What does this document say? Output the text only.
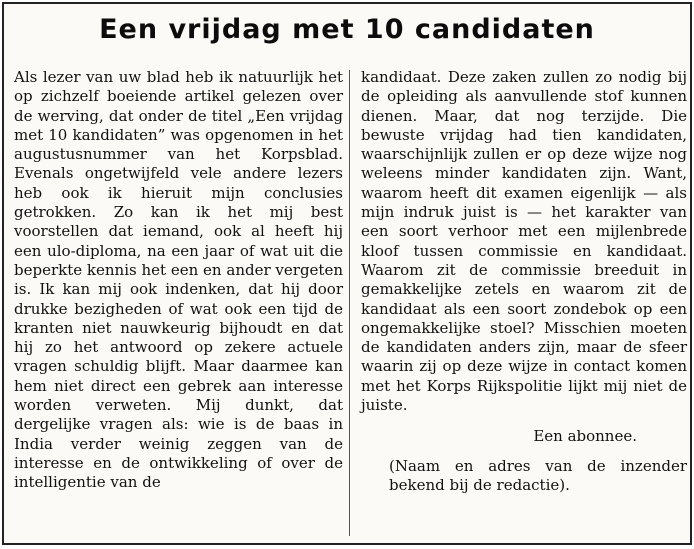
Een vrijdag met 10 candidaten
Als lezer van uw blad heb ik natuurlijk het op zichzelf boeiende artikel gelezen over de werving, dat onder de titel „Een vrijdag met 10 kandidaten” was opgenomen in het augustusnummer van het Korpsblad. Evenals ongetwijfeld vele andere lezers heb ook ik hieruit mijn conclusies getrokken. Zo kan ik het mij best voorstellen dat iemand, ook al heeft hij een ulo-diploma, na een jaar of wat uit die beperkte kennis het een en ander vergeten is. Ik kan mij ook indenken, dat hij door drukke bezigheden of wat ook een tijd de kranten niet nauwkeurig bijhoudt en dat hij zo het antwoord op zekere actuele vragen schuldig blijft. Maar daarmee kan hem niet direct een gebrek aan interesse worden verweten. Mij dunkt, dat dergelijke vragen als: wie is de baas in India verder weinig zeggen van de interesse en de ontwikkeling of over de intelligentie van de
kandidaat. Deze zaken zullen zo nodig bij de opleiding als aanvullende stof kunnen dienen. Maar, dat nog terzijde. Die bewuste vrijdag had tien kandidaten, waarschijnlijk zullen er op deze wijze nog weleens minder kandidaten zijn. Want, waarom heeft dit examen eigenlijk — als mijn indruk juist is — het karakter van een soort verhoor met een mijlenbrede kloof tussen commissie en kandidaat. Waarom zit de commissie breeduit in gemakkelijke zetels en waarom zit de kandidaat als een soort zondebok op een ongemakkelijke stoel? Misschien moeten de kandidaten anders zijn, maar de sfeer waarin zij op deze wijze in contact komen met het Korps Rijkspolitie lijkt mij niet de juiste.
Een abonnee.
(Naam en adres van de inzender bekend bij de redactie).
